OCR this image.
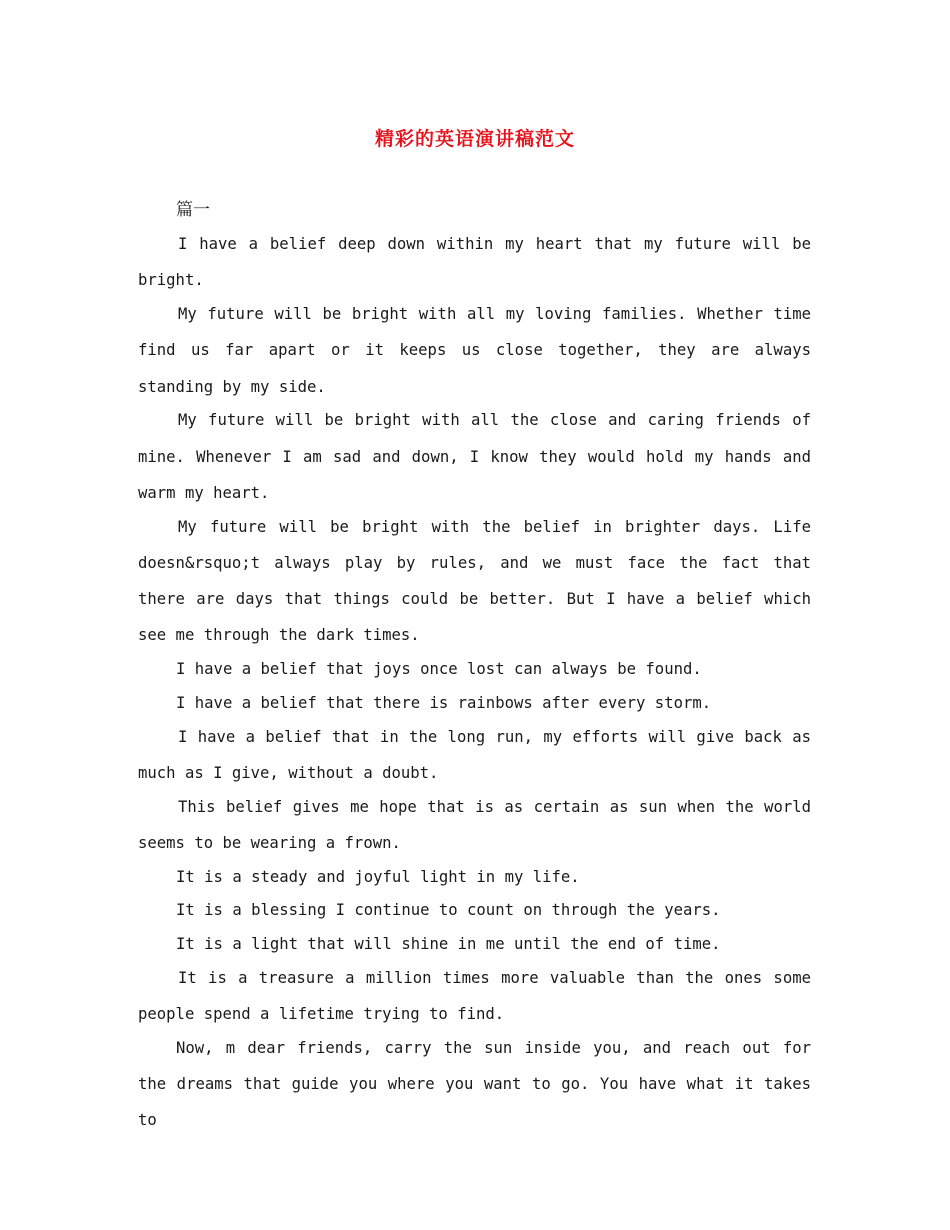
精彩的英语演讲稿范文
篇一

I have a belief deep down within my heart that my future will be bright.

My future will be bright with all my loving families. Whether time find us far apart or it keeps us close together, they are always standing by my side.

My future will be bright with all the close and caring friends of mine. Whenever I am sad and down, I know they would hold my hands and warm my heart.

My future will be bright with the belief in brighter days. Life doesn&rsquo;t always play by rules, and we must face the fact that there are days that things could be better. But I have a belief which see me through the dark times.

I have a belief that joys once lost can always be found.

I have a belief that there is rainbows after every storm.

I have a belief that in the long run, my efforts will give back as much as I give, without a doubt.

This belief gives me hope that is as certain as sun when the world seems to be wearing a frown.

It is a steady and joyful light in my life.

It is a blessing I continue to count on through the years.

It is a light that will shine in me until the end of time.

It is a treasure a million times more valuable than the ones some people spend a lifetime trying to find.

Now, m dear friends, carry the sun inside you, and reach out for the dreams that guide you where you want to go. You have what it takes to
